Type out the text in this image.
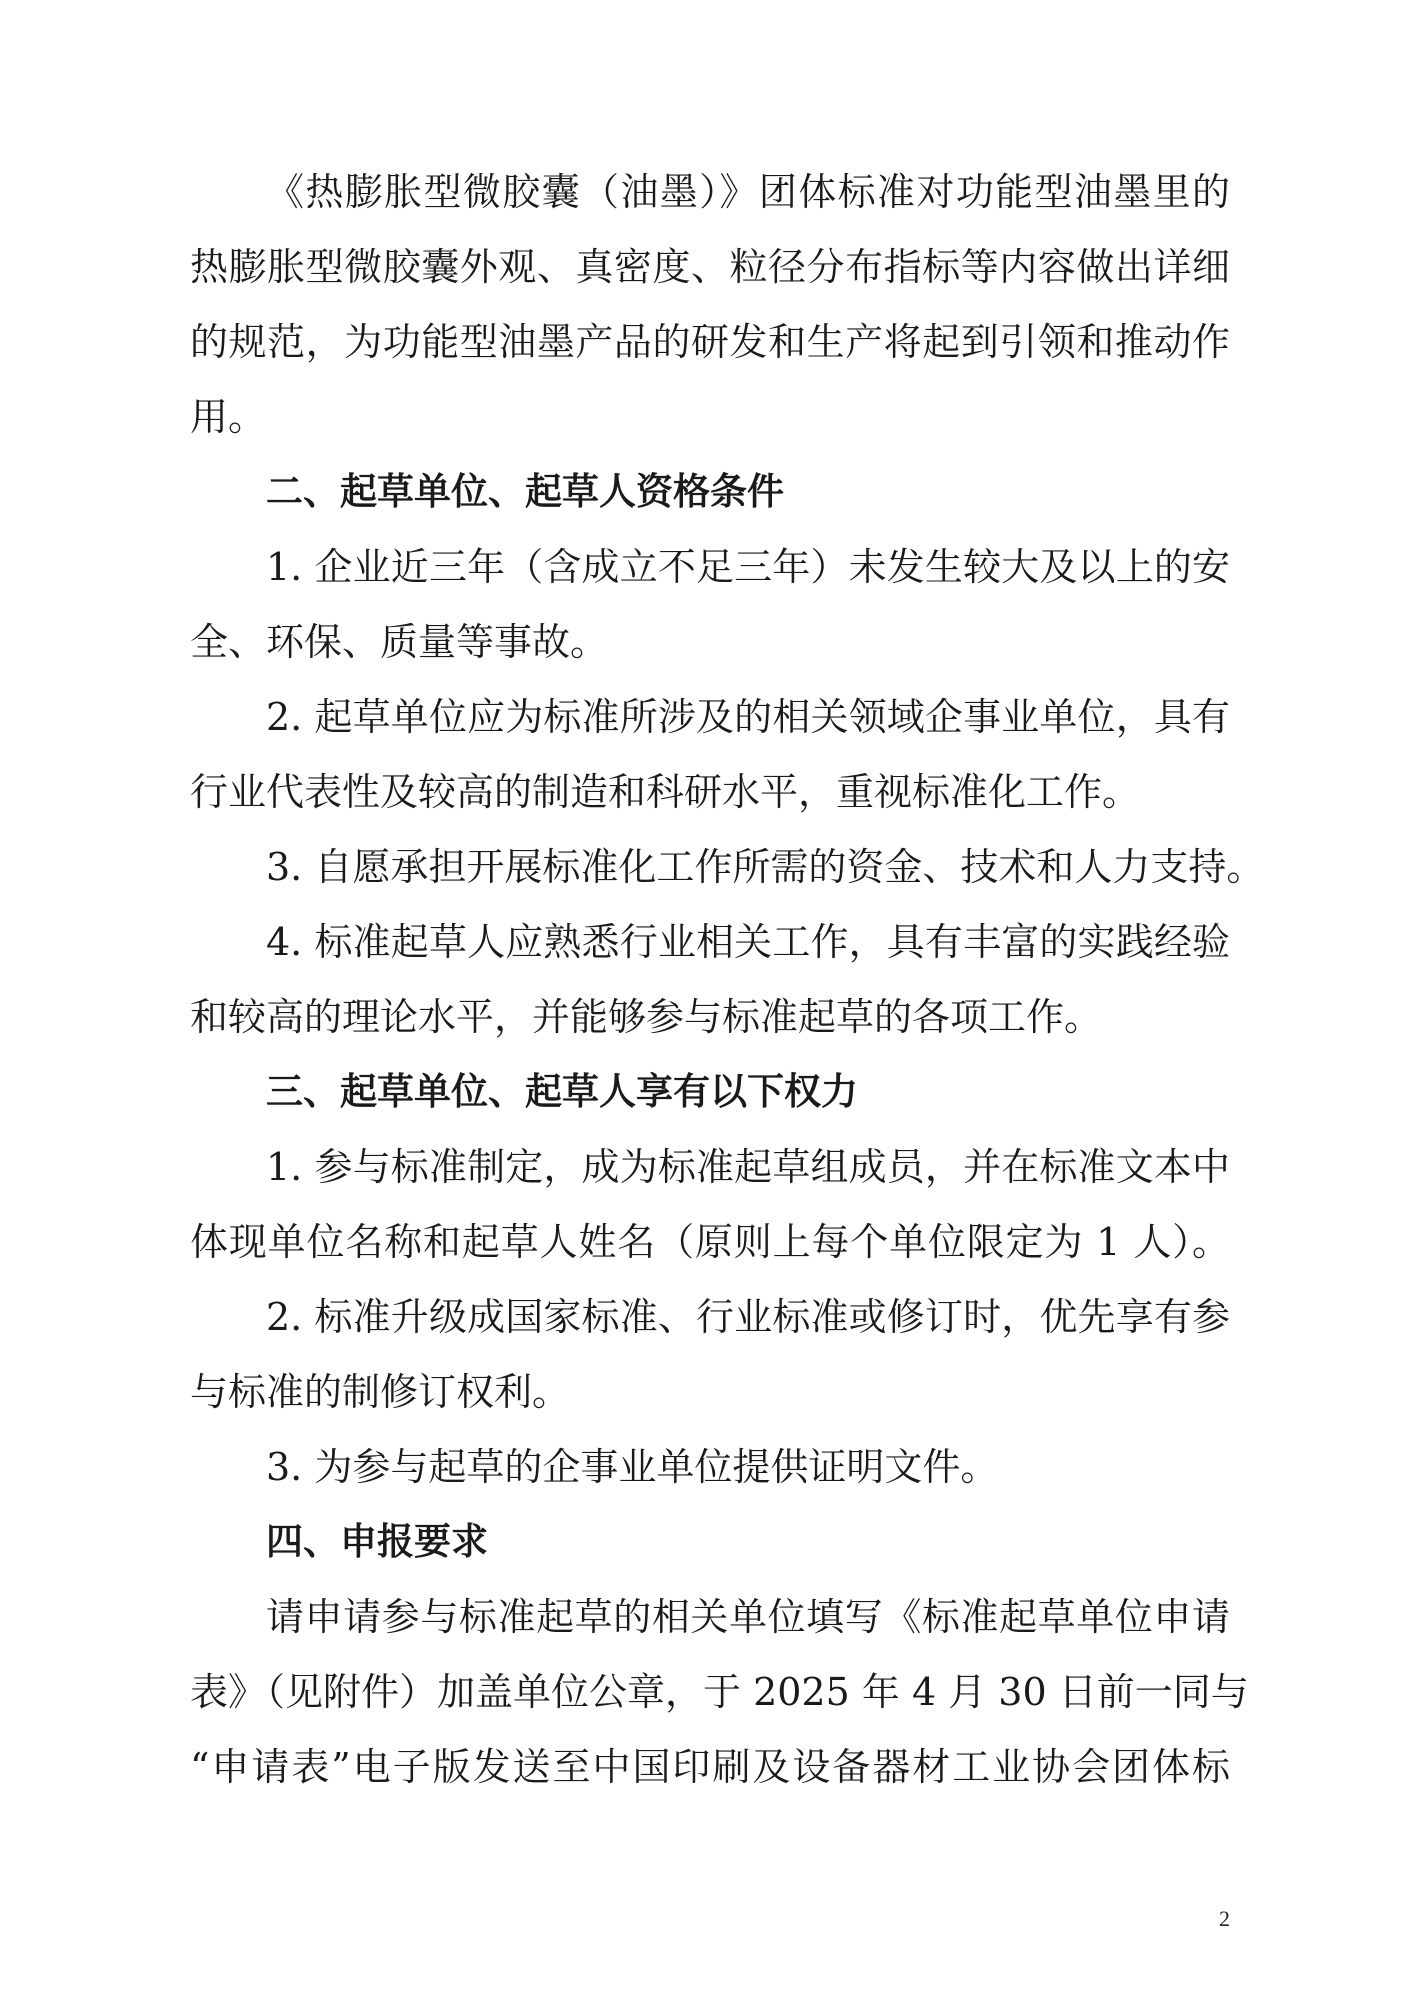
《热膨胀型微胶囊（油墨）》团体标准对功能型油墨里的
热膨胀型微胶囊外观、真密度、粒径分布指标等内容做出详细
的规范，为功能型油墨产品的研发和生产将起到引领和推动作
用。
二、起草单位、起草人资格条件
1. 企业近三年（含成立不足三年）未发生较大及以上的安
全、环保、质量等事故。
2. 起草单位应为标准所涉及的相关领域企事业单位，具有
行业代表性及较高的制造和科研水平，重视标准化工作。
3. 自愿承担开展标准化工作所需的资金、技术和人力支持。
4. 标准起草人应熟悉行业相关工作，具有丰富的实践经验
和较高的理论水平，并能够参与标准起草的各项工作。
三、起草单位、起草人享有以下权力
1. 参与标准制定，成为标准起草组成员，并在标准文本中
体现单位名称和起草人姓名（原则上每个单位限定为 1 人）。
2. 标准升级成国家标准、行业标准或修订时，优先享有参
与标准的制修订权利。
3. 为参与起草的企事业单位提供证明文件。
四、申报要求
请申请参与标准起草的相关单位填写《标准起草单位申请
表》（见附件）加盖单位公章，于 2025 年 4 月 30 日前一同与
“申请表”电子版发送至中国印刷及设备器材工业协会团体标
2
